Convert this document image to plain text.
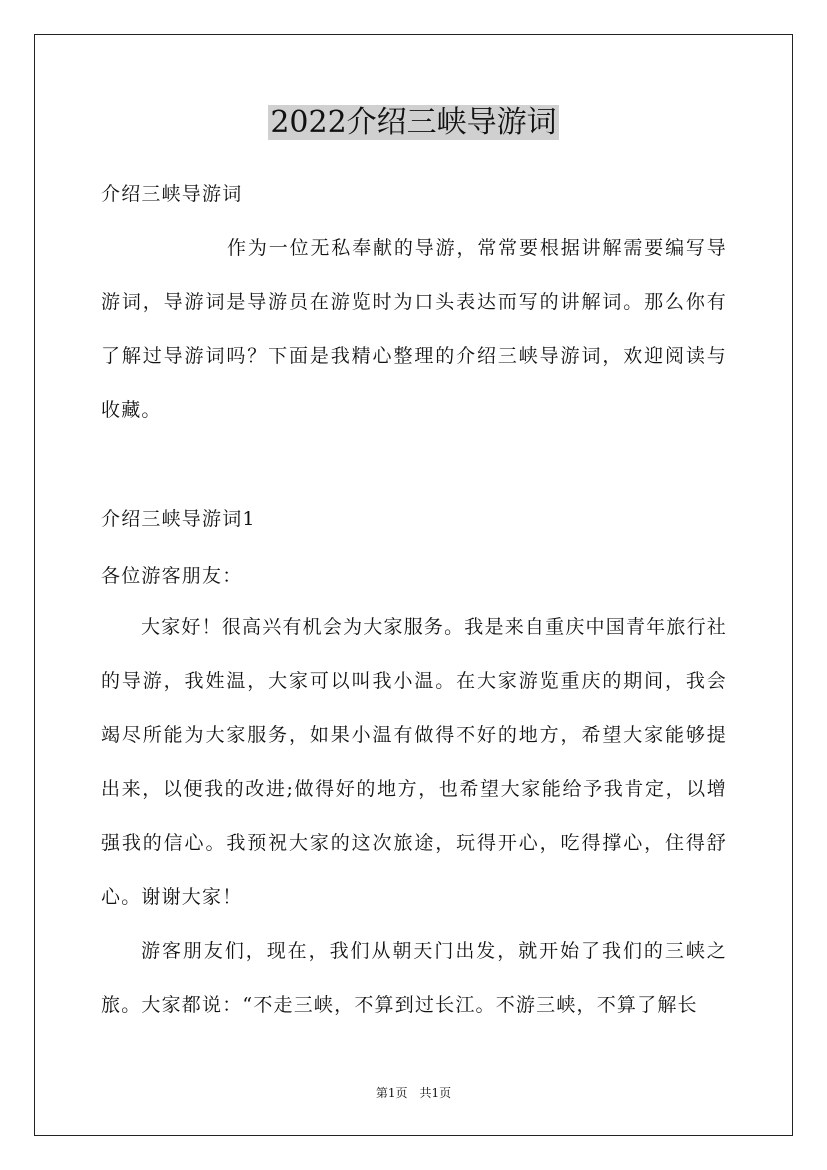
2022介绍三峡导游词

介绍三峡导游词

作为一位无私奉献的导游，常常要根据讲解需要编写导游词，导游词是导游员在游览时为口头表达而写的讲解词。那么你有了解过导游词吗？下面是我精心整理的介绍三峡导游词，欢迎阅读与收藏。

介绍三峡导游词1

各位游客朋友：

大家好！很高兴有机会为大家服务。我是来自重庆中国青年旅行社的导游，我姓温，大家可以叫我小温。在大家游览重庆的期间，我会竭尽所能为大家服务，如果小温有做得不好的地方，希望大家能够提出来，以便我的改进;做得好的地方，也希望大家能给予我肯定，以增强我的信心。我预祝大家的这次旅途，玩得开心，吃得撑心，住得舒心。谢谢大家！

游客朋友们，现在，我们从朝天门出发，就开始了我们的三峡之旅。大家都说：“不走三峡，不算到过长江。不游三峡，不算了解长

第1页　共1页
